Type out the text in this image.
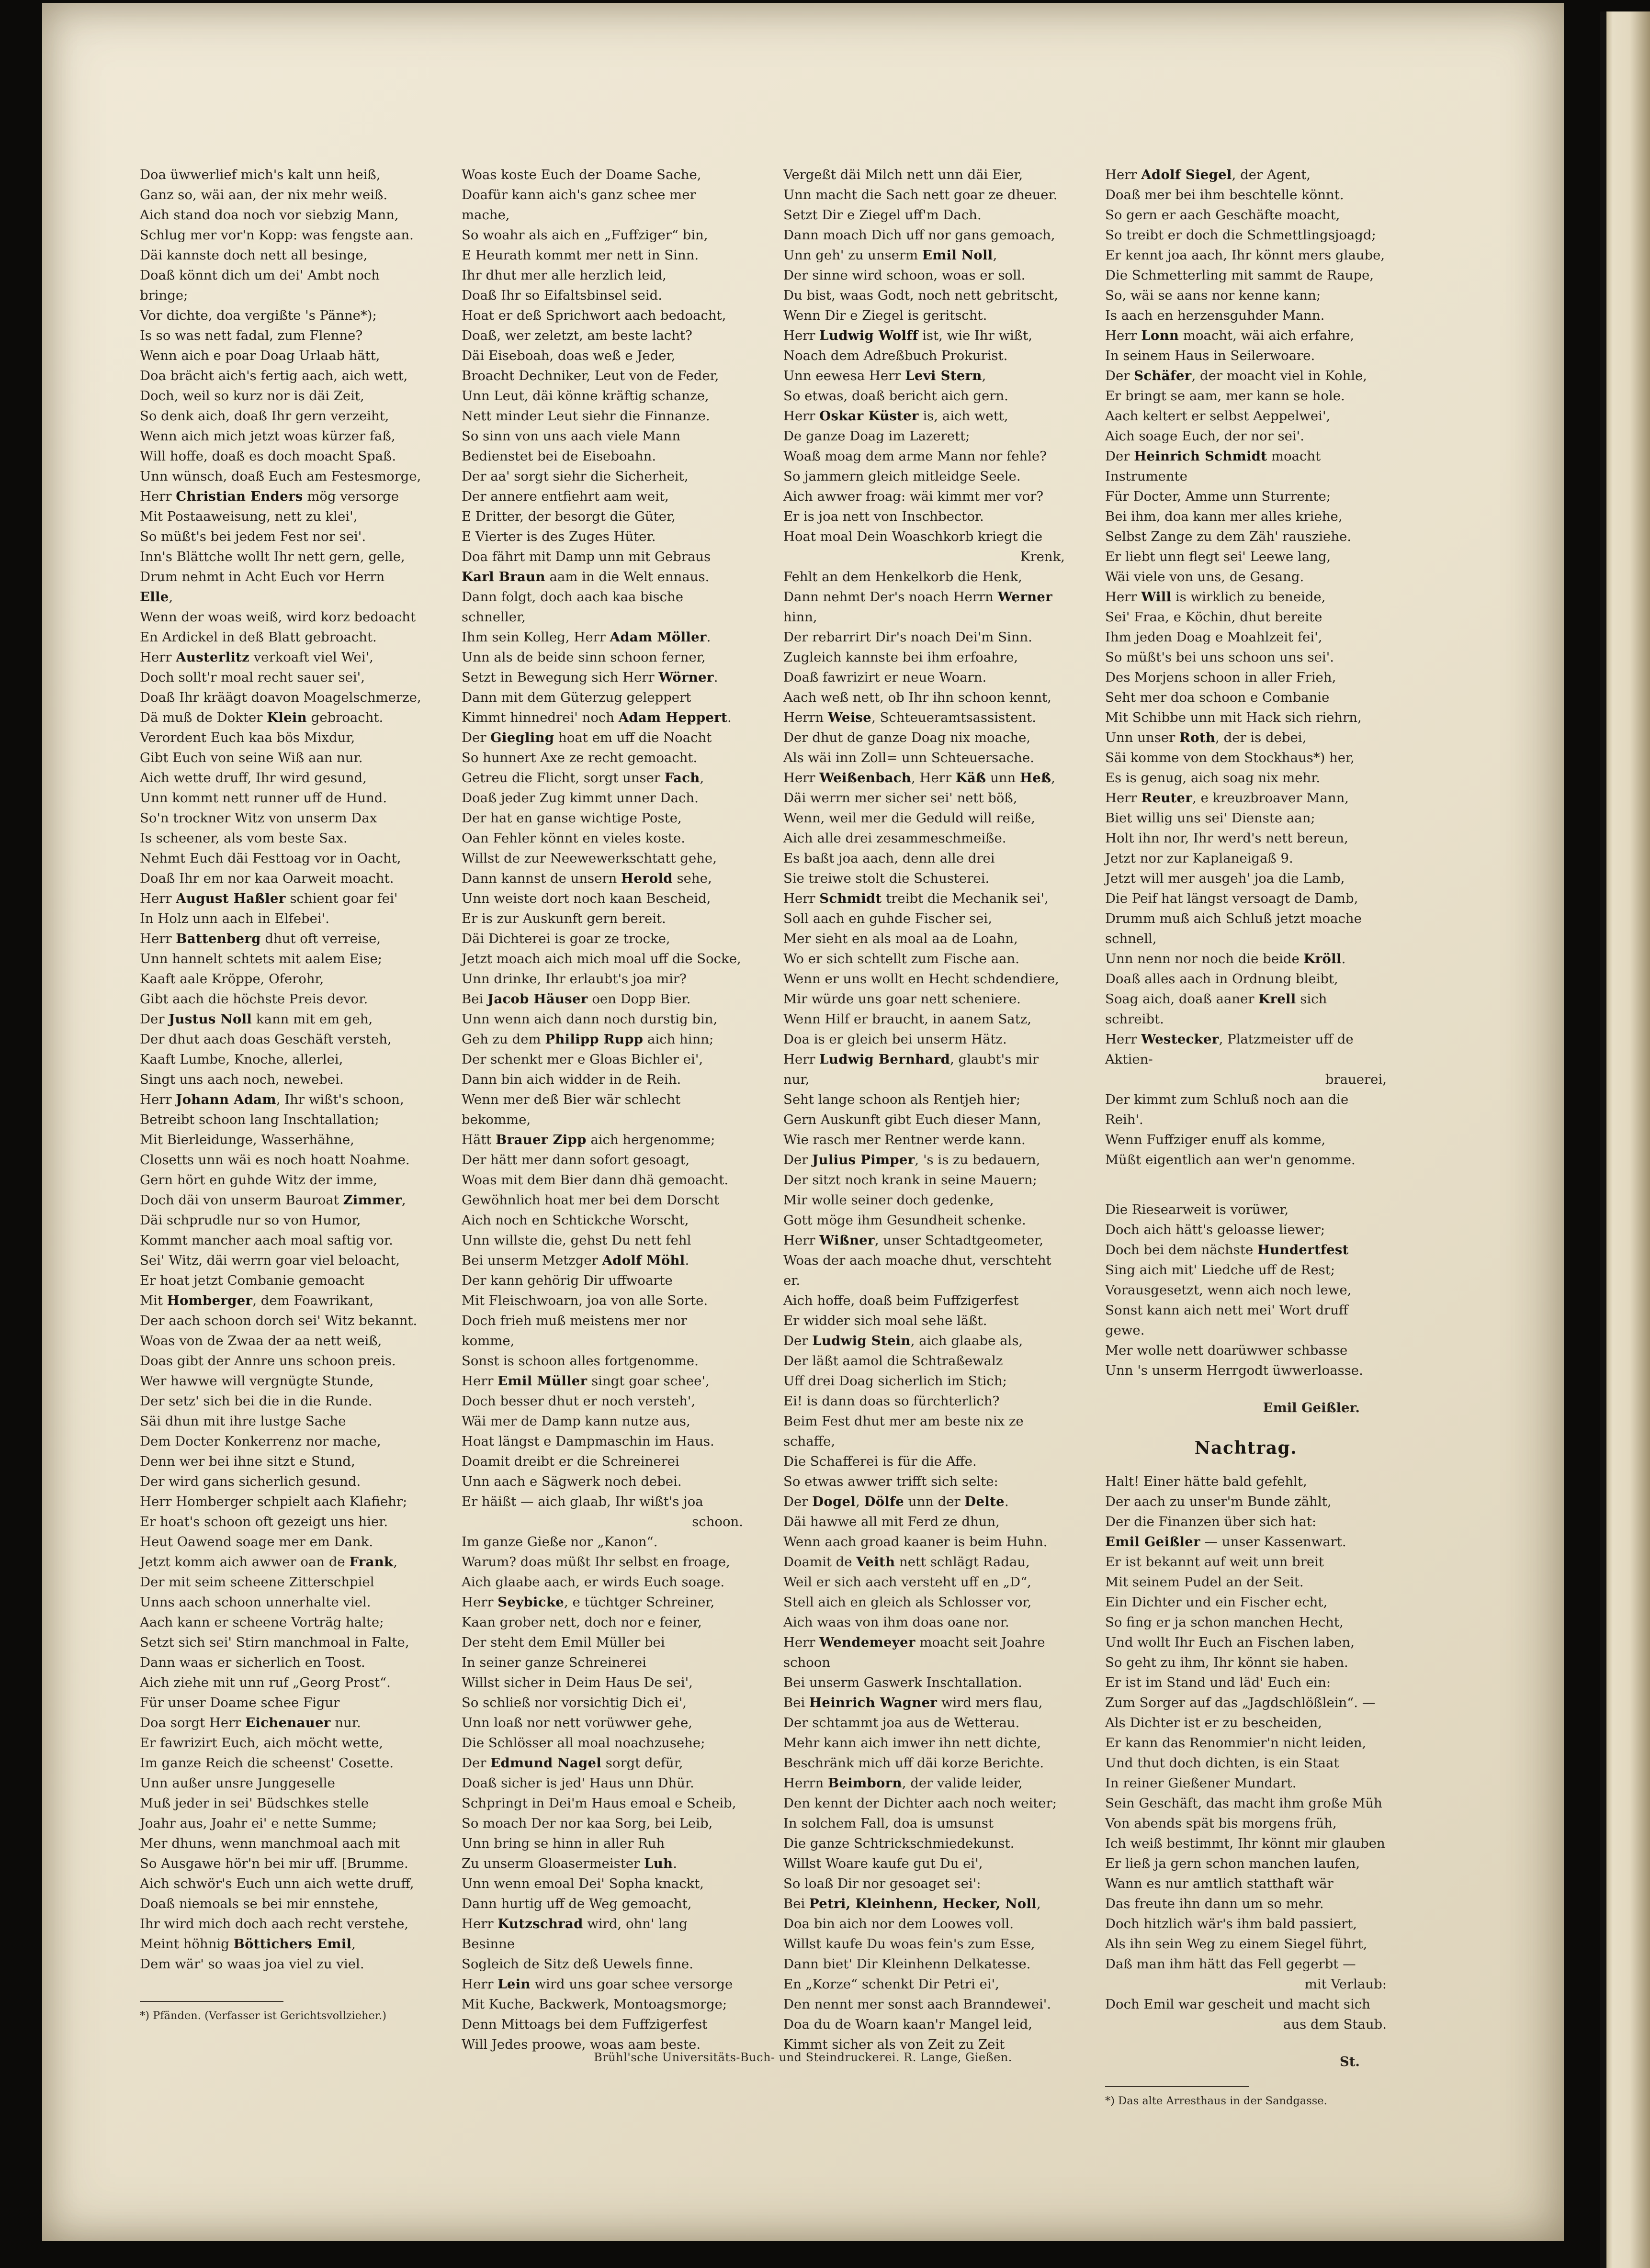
Doa üwwerlief mich's kalt unn heiß,
Ganz so, wäi aan, der nix mehr weiß.
Aich stand doa noch vor siebzig Mann,
Schlug mer vor'n Kopp: was fengste aan.
Däi kannste doch nett all besinge,
Doaß könnt dich um dei' Ambt noch bringe;
Vor dichte, doa vergißte 's Pänne*);
Is so was nett fadal, zum Flenne?
Wenn aich e poar Doag Urlaab hätt,
Doa brächt aich's fertig aach, aich wett,
Doch, weil so kurz nor is däi Zeit,
So denk aich, doaß Ihr gern verzeiht,
Wenn aich mich jetzt woas kürzer faß,
Will hoffe, doaß es doch moacht Spaß.
Unn wünsch, doaß Euch am Festesmorge,
Herr Christian Enders mög versorge
Mit Postaaweisung, nett zu klei',
So müßt's bei jedem Fest nor sei'.
Inn's Blättche wollt Ihr nett gern, gelle,
Drum nehmt in Acht Euch vor Herrn Elle,
Wenn der woas weiß, wird korz bedoacht
En Ardickel in deß Blatt gebroacht.
Herr Austerlitz verkoaft viel Wei',
Doch sollt'r moal recht sauer sei',
Doaß Ihr kräägt doavon Moagelschmerze,
Dä muß de Dokter Klein gebroacht.
Verordent Euch kaa bös Mixdur,
Gibt Euch von seine Wiß aan nur.
Aich wette druff, Ihr wird gesund,
Unn kommt nett runner uff de Hund.
So'n trockner Witz von unserm Dax
Is scheener, als vom beste Sax.
Nehmt Euch däi Festtoag vor in Oacht,
Doaß Ihr em nor kaa Oarweit moacht.
Herr August Haßler schient goar fei'
In Holz unn aach in Elfebei'.
Herr Battenberg dhut oft verreise,
Unn hannelt schtets mit aalem Eise;
Kaaft aale Kröppe, Oferohr,
Gibt aach die höchste Preis devor.
Der Justus Noll kann mit em geh,
Der dhut aach doas Geschäft versteh,
Kaaft Lumbe, Knoche, allerlei,
Singt uns aach noch, newebei.
Herr Johann Adam, Ihr wißt's schoon,
Betreibt schoon lang Inschtallation;
Mit Bierleidunge, Wasserhähne,
Closetts unn wäi es noch hoatt Noahme.
Gern hört en guhde Witz der imme,
Doch däi von unserm Bauroat Zimmer,
Däi schprudle nur so von Humor,
Kommt mancher aach moal saftig vor.
Sei' Witz, däi werrn goar viel beloacht,
Er hoat jetzt Combanie gemoacht
Mit Homberger, dem Foawrikant,
Der aach schoon dorch sei' Witz bekannt.
Woas von de Zwaa der aa nett weiß,
Doas gibt der Annre uns schoon preis.
Wer hawwe will vergnügte Stunde,
Der setz' sich bei die in die Runde.
Säi dhun mit ihre lustge Sache
Dem Docter Konkerrenz nor mache,
Denn wer bei ihne sitzt e Stund,
Der wird gans sicherlich gesund.
Herr Homberger schpielt aach Klafiehr;
Er hoat's schoon oft gezeigt uns hier.
Heut Oawend soage mer em Dank.
Jetzt komm aich awwer oan de Frank,
Der mit seim scheene Zitterschpiel
Unns aach schoon unnerhalte viel.
Aach kann er scheene Vorträg halte;
Setzt sich sei' Stirn manchmoal in Falte,
Dann waas er sicherlich en Toost.
Aich ziehe mit unn ruf „Georg Prost“.
Für unser Doame schee Figur
Doa sorgt Herr Eichenauer nur.
Er fawrizirt Euch, aich möcht wette,
Im ganze Reich die scheenst' Cosette.
Unn außer unsre Junggeselle
Muß jeder in sei' Büdschkes stelle
Joahr aus, Joahr ei' e nette Summe;
Mer dhuns, wenn manchmoal aach mit
So Ausgawe hör'n bei mir uff. [Brumme.
Aich schwör's Euch unn aich wette druff,
Doaß niemoals se bei mir ennstehe,
Ihr wird mich doch aach recht verstehe,
Meint höhnig Böttichers Emil,
Dem wär' so waas joa viel zu viel.
*) Pfänden. (Verfasser ist Gerichtsvollzieher.)
Woas koste Euch der Doame Sache,
Doafür kann aich's ganz schee mer mache,
So woahr als aich en „Fuffziger“ bin,
E Heurath kommt mer nett in Sinn.
Ihr dhut mer alle herzlich leid,
Doaß Ihr so Eifaltsbinsel seid.
Hoat er deß Sprichwort aach bedoacht,
Doaß, wer zeletzt, am beste lacht?
Däi Eiseboah, doas weß e Jeder,
Broacht Dechniker, Leut von de Feder,
Unn Leut, däi könne kräftig schanze,
Nett minder Leut siehr die Finnanze.
So sinn von uns aach viele Mann
Bedienstet bei de Eiseboahn.
Der aa' sorgt siehr die Sicherheit,
Der annere entfiehrt aam weit,
E Dritter, der besorgt die Güter,
E Vierter is des Zuges Hüter.
Doa fährt mit Damp unn mit Gebraus
Karl Braun aam in die Welt ennaus.
Dann folgt, doch aach kaa bische schneller,
Ihm sein Kolleg, Herr Adam Möller.
Unn als de beide sinn schoon ferner,
Setzt in Bewegung sich Herr Wörner.
Dann mit dem Güterzug geleppert
Kimmt hinnedrei' noch Adam Heppert.
Der Giegling hoat em uff die Noacht
So hunnert Axe ze recht gemoacht.
Getreu die Flicht, sorgt unser Fach,
Doaß jeder Zug kimmt unner Dach.
Der hat en ganse wichtige Poste,
Oan Fehler könnt en vieles koste.
Willst de zur Neewewerkschtatt gehe,
Dann kannst de unsern Herold sehe,
Unn weiste dort noch kaan Bescheid,
Er is zur Auskunft gern bereit.
Däi Dichterei is goar ze trocke,
Jetzt moach aich mich moal uff die Socke,
Unn drinke, Ihr erlaubt's joa mir?
Bei Jacob Häuser oen Dopp Bier.
Unn wenn aich dann noch durstig bin,
Geh zu dem Philipp Rupp aich hinn;
Der schenkt mer e Gloas Bichler ei',
Dann bin aich widder in de Reih.
Wenn mer deß Bier wär schlecht bekomme,
Hätt Brauer Zipp aich hergenomme;
Der hätt mer dann sofort gesoagt,
Woas mit dem Bier dann dhä gemoacht.
Gewöhnlich hoat mer bei dem Dorscht
Aich noch en Schtickche Worscht,
Unn willste die, gehst Du nett fehl
Bei unserm Metzger Adolf Möhl.
Der kann gehörig Dir uffwoarte
Mit Fleischwoarn, joa von alle Sorte.
Doch frieh muß meistens mer nor komme,
Sonst is schoon alles fortgenomme.
Herr Emil Müller singt goar schee',
Doch besser dhut er noch versteh',
Wäi mer de Damp kann nutze aus,
Hoat längst e Dampmaschin im Haus.
Doamit dreibt er die Schreinerei
Unn aach e Sägwerk noch debei.
Er häißt — aich glaab, Ihr wißt's joa
schoon.
Im ganze Gieße nor „Kanon“.
Warum? doas müßt Ihr selbst en froage,
Aich glaabe aach, er wirds Euch soage.
Herr Seybicke, e tüchtger Schreiner,
Kaan grober nett, doch nor e feiner,
Der steht dem Emil Müller bei
In seiner ganze Schreinerei
Willst sicher in Deim Haus De sei',
So schließ nor vorsichtig Dich ei',
Unn loaß nor nett vorüwwer gehe,
Die Schlösser all moal noachzusehe;
Der Edmund Nagel sorgt defür,
Doaß sicher is jed' Haus unn Dhür.
Schpringt in Dei'm Haus emoal e Scheib,
So moach Der nor kaa Sorg, bei Leib,
Unn bring se hinn in aller Ruh
Zu unserm Gloasermeister Luh.
Unn wenn emoal Dei' Sopha knackt,
Dann hurtig uff de Weg gemoacht,
Herr Kutzschrad wird, ohn' lang Besinne
Sogleich de Sitz deß Uewels finne.
Herr Lein wird uns goar schee versorge
Mit Kuche, Backwerk, Montoagsmorge;
Denn Mittoags bei dem Fuffzigerfest
Will Jedes proowe, woas aam beste.
Vergeßt däi Milch nett unn däi Eier,
Unn macht die Sach nett goar ze dheuer.
Setzt Dir e Ziegel uff'm Dach.
Dann moach Dich uff nor gans gemoach,
Unn geh' zu unserm Emil Noll,
Der sinne wird schoon, woas er soll.
Du bist, waas Godt, noch nett gebritscht,
Wenn Dir e Ziegel is geritscht.
Herr Ludwig Wolff ist, wie Ihr wißt,
Noach dem Adreßbuch Prokurist.
Unn eewesa Herr Levi Stern,
So etwas, doaß bericht aich gern.
Herr Oskar Küster is, aich wett,
De ganze Doag im Lazerett;
Woaß moag dem arme Mann nor fehle?
So jammern gleich mitleidge Seele.
Aich awwer froag: wäi kimmt mer vor?
Er is joa nett von Inschbector.
Hoat moal Dein Woaschkorb kriegt die
Krenk,
Fehlt an dem Henkelkorb die Henk,
Dann nehmt Der's noach Herrn Werner hinn,
Der rebarrirt Dir's noach Dei'm Sinn.
Zugleich kannste bei ihm erfoahre,
Doaß fawrizirt er neue Woarn.
Aach weß nett, ob Ihr ihn schoon kennt,
Herrn Weise, Schteueramtsassistent.
Der dhut de ganze Doag nix moache,
Als wäi inn Zoll= unn Schteuersache.
Herr Weißenbach, Herr Käß unn Heß,
Däi werrn mer sicher sei' nett böß,
Wenn, weil mer die Geduld will reiße,
Aich alle drei zesammeschmeiße.
Es baßt joa aach, denn alle drei
Sie treiwe stolt die Schusterei.
Herr Schmidt treibt die Mechanik sei',
Soll aach en guhde Fischer sei,
Mer sieht en als moal aa de Loahn,
Wo er sich schtellt zum Fische aan.
Wenn er uns wollt en Hecht schdendiere,
Mir würde uns goar nett scheniere.
Wenn Hilf er braucht, in aanem Satz,
Doa is er gleich bei unserm Hätz.
Herr Ludwig Bernhard, glaubt's mir nur,
Seht lange schoon als Rentjeh hier;
Gern Auskunft gibt Euch dieser Mann,
Wie rasch mer Rentner werde kann.
Der Julius Pimper, 's is zu bedauern,
Der sitzt noch krank in seine Mauern;
Mir wolle seiner doch gedenke,
Gott möge ihm Gesundheit schenke.
Herr Wißner, unser Schtadtgeometer,
Woas der aach moache dhut, verschteht er.
Aich hoffe, doaß beim Fuffzigerfest
Er widder sich moal sehe läßt.
Der Ludwig Stein, aich glaabe als,
Der läßt aamol die Schtraßewalz
Uff drei Doag sicherlich im Stich;
Ei! is dann doas so fürchterlich?
Beim Fest dhut mer am beste nix ze schaffe,
Die Schafferei is für die Affe.
So etwas awwer trifft sich selte:
Der Dogel, Dölfe unn der Delte.
Däi hawwe all mit Ferd ze dhun,
Wenn aach groad kaaner is beim Huhn.
Doamit de Veith nett schlägt Radau,
Weil er sich aach versteht uff en „D“,
Stell aich en gleich als Schlosser vor,
Aich waas von ihm doas oane nor.
Herr Wendemeyer moacht seit Joahre schoon
Bei unserm Gaswerk Inschtallation.
Bei Heinrich Wagner wird mers flau,
Der schtammt joa aus de Wetterau.
Mehr kann aich imwer ihn nett dichte,
Beschränk mich uff däi korze Berichte.
Herrn Beimborn, der valide leider,
Den kennt der Dichter aach noch weiter;
In solchem Fall, doa is umsunst
Die ganze Schtrickschmiedekunst.
Willst Woare kaufe gut Du ei',
So loaß Dir nor gesoaget sei':
Bei Petri, Kleinhenn, Hecker, Noll,
Doa bin aich nor dem Loowes voll.
Willst kaufe Du woas fein's zum Esse,
Dann biet' Dir Kleinhenn Delkatesse.
En „Korze“ schenkt Dir Petri ei',
Den nennt mer sonst aach Branndewei'.
Doa du de Woarn kaan'r Mangel leid,
Kimmt sicher als von Zeit zu Zeit
Herr Adolf Siegel, der Agent,
Doaß mer bei ihm beschtelle könnt.
So gern er aach Geschäfte moacht,
So treibt er doch die Schmettlingsjoagd;
Er kennt joa aach, Ihr könnt mers glaube,
Die Schmetterling mit sammt de Raupe,
So, wäi se aans nor kenne kann;
Is aach en herzensguhder Mann.
Herr Lonn moacht, wäi aich erfahre,
In seinem Haus in Seilerwoare.
Der Schäfer, der moacht viel in Kohle,
Er bringt se aam, mer kann se hole.
Aach keltert er selbst Aeppelwei',
Aich soage Euch, der nor sei'.
Der Heinrich Schmidt moacht Instrumente
Für Docter, Amme unn Sturrente;
Bei ihm, doa kann mer alles kriehe,
Selbst Zange zu dem Zäh' rausziehe.
Er liebt unn flegt sei' Leewe lang,
Wäi viele von uns, de Gesang.
Herr Will is wirklich zu beneide,
Sei' Fraa, e Köchin, dhut bereite
Ihm jeden Doag e Moahlzeit fei',
So müßt's bei uns schoon uns sei'.
Des Morjens schoon in aller Frieh,
Seht mer doa schoon e Combanie
Mit Schibbe unn mit Hack sich riehrn,
Unn unser Roth, der is debei,
Säi komme von dem Stockhaus*) her,
Es is genug, aich soag nix mehr.
Herr Reuter, e kreuzbroaver Mann,
Biet willig uns sei' Dienste aan;
Holt ihn nor, Ihr werd's nett bereun,
Jetzt nor zur Kaplaneigaß 9.
Jetzt will mer ausgeh' joa die Lamb,
Die Peif hat längst versoagt de Damb,
Drumm muß aich Schluß jetzt moache schnell,
Unn nenn nor noch die beide Kröll.
Doaß alles aach in Ordnung bleibt,
Soag aich, doaß aaner Krell sich schreibt.
Herr Westecker, Platzmeister uff de Aktien-
brauerei,
Der kimmt zum Schluß noch aan die Reih'.
Wenn Fuffziger enuff als komme,
Müßt eigentlich aan wer'n genomme.
Die Riesearweit is vorüwer,
Doch aich hätt's geloasse liewer;
Doch bei dem nächste Hundertfest
Sing aich mit' Liedche uff de Rest;
Vorausgesetzt, wenn aich noch lewe,
Sonst kann aich nett mei' Wort druff gewe.
Mer wolle nett doarüwwer schbasse
Unn 's unserm Herrgodt üwwerloasse.
Emil Geißler.
Nachtrag.
Halt! Einer hätte bald gefehlt,
Der aach zu unser'm Bunde zählt,
Der die Finanzen über sich hat:
Emil Geißler — unser Kassenwart.
Er ist bekannt auf weit unn breit
Mit seinem Pudel an der Seit.
Ein Dichter und ein Fischer echt,
So fing er ja schon manchen Hecht,
Und wollt Ihr Euch an Fischen laben,
So geht zu ihm, Ihr könnt sie haben.
Er ist im Stand und läd' Euch ein:
Zum Sorger auf das „Jagdschlößlein“. —
Als Dichter ist er zu bescheiden,
Er kann das Renommier'n nicht leiden,
Und thut doch dichten, is ein Staat
In reiner Gießener Mundart.
Sein Geschäft, das macht ihm große Müh
Von abends spät bis morgens früh,
Ich weiß bestimmt, Ihr könnt mir glauben
Er ließ ja gern schon manchen laufen,
Wann es nur amtlich statthaft wär
Das freute ihn dann um so mehr.
Doch hitzlich wär's ihm bald passiert,
Als ihn sein Weg zu einem Siegel führt,
Daß man ihm hätt das Fell gegerbt —
mit Verlaub:
Doch Emil war gescheit und macht sich
aus dem Staub.
St.
*) Das alte Arresthaus in der Sandgasse.
Brühl'sche Universitäts-Buch- und Steindruckerei. R. Lange, Gießen.
